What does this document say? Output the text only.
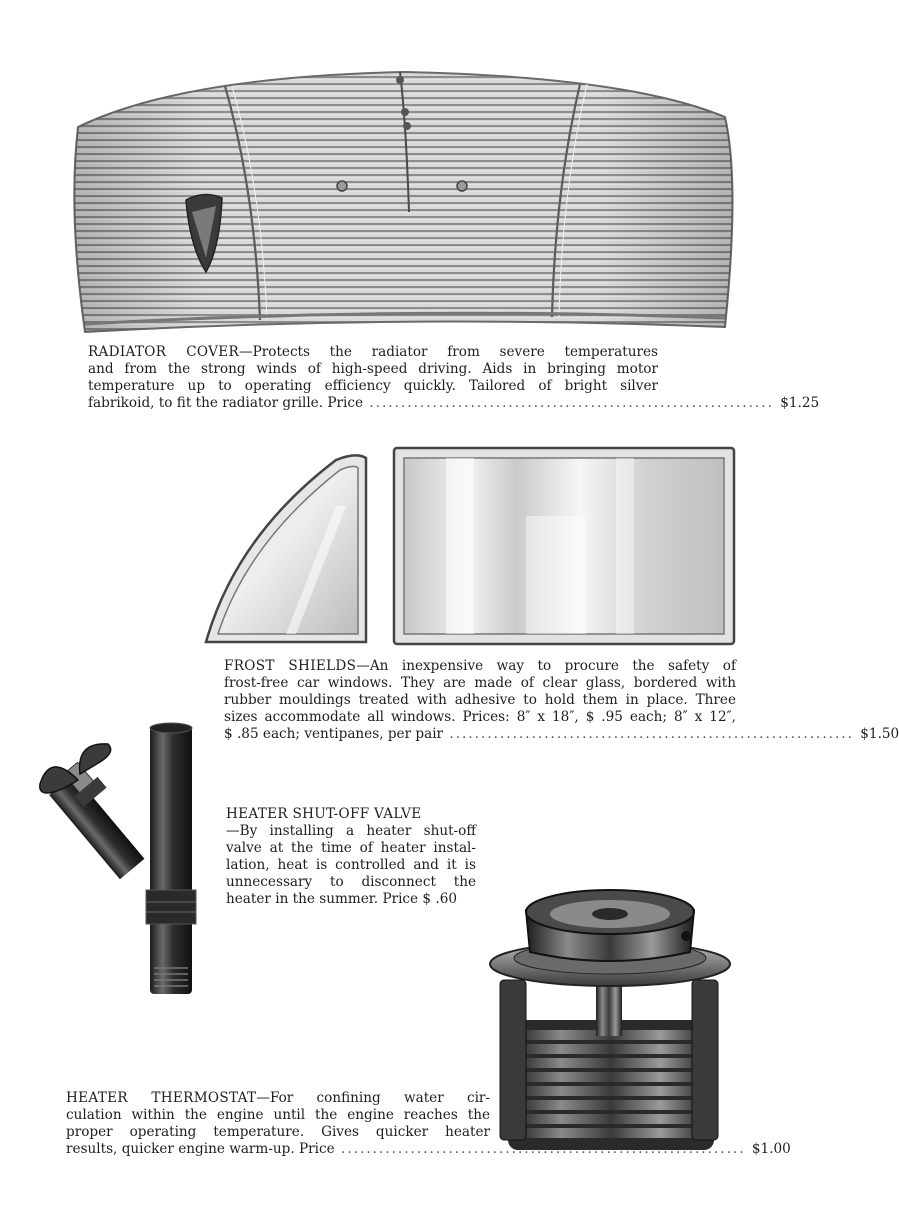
RADIATOR COVER—Protects the radiator from severe temperatures
and from the strong winds of high-speed driving. Aids in bringing motor
temperature up to operating efficiency quickly. Tailored of bright silver
fabrikoid, to fit the radiator grille. Price ................................................................ $1.25
FROST SHIELDS—An inexpensive way to procure the safety of
frost-free car windows. They are made of clear glass, bordered with
rubber mouldings treated with adhesive to hold them in place. Three
sizes accommodate all windows. Prices: 8″ x 18″, $ .95 each; 8″ x 12″,
$ .85 each; ventipanes, per pair ................................................................ $1.50
HEATER SHUT-OFF VALVE
—By installing a heater shut-off
valve at the time of heater instal-
lation, heat is controlled and it is
unnecessary to disconnect the
heater in the summer. Price $ .60
HEATER THERMOSTAT—For confining water cir-
culation within the engine until the engine reaches the
proper operating temperature. Gives quicker heater
results, quicker engine warm-up. Price ................................................................ $1.00
